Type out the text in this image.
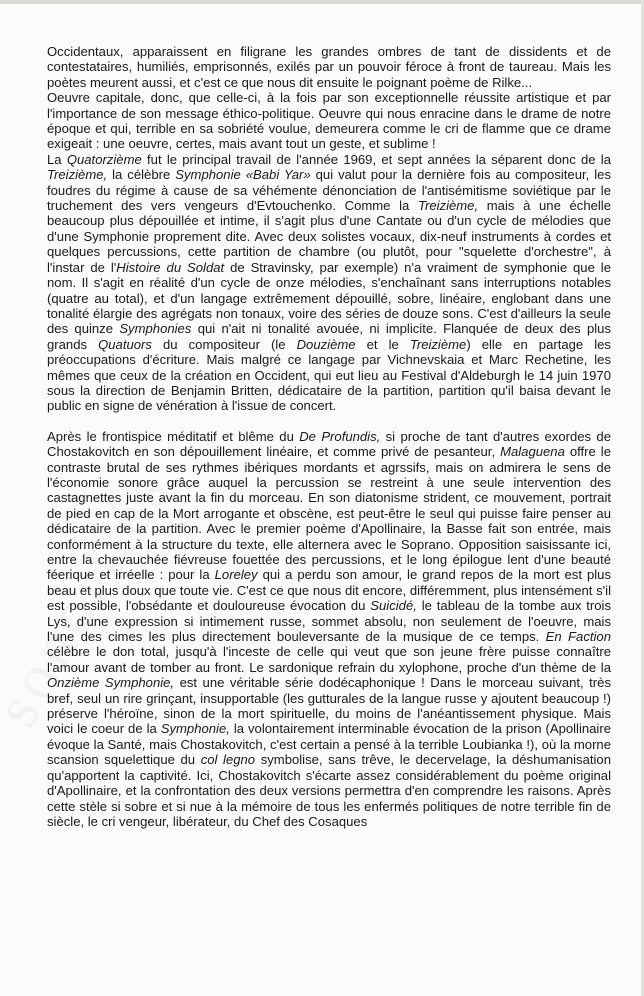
Occidentaux, apparaissent en filigrane les grandes ombres de tant de dissidents et de contestataires, humiliés, emprisonnés, exilés par un pouvoir féroce à front de taureau. Mais les poètes meurent aussi, et c'est ce que nous dit ensuite le poignant poème de Rilke...

Oeuvre capitale, donc, que celle-ci, à la fois par son exceptionnelle réussite artistique et par l'importance de son message éthico-politique. Oeuvre qui nous enracine dans le drame de notre époque et qui, terrible en sa sobriété voulue, demeurera comme le cri de flamme que ce drame exigeait : une oeuvre, certes, mais avant tout un geste, et sublime !

La Quatorzième fut le principal travail de l'année 1969, et sept années la séparent donc de la Treizième, la célèbre Symphonie «Babi Yar» qui valut pour la dernière fois au compositeur, les foudres du régime à cause de sa véhémente dénonciation de l'antisémitisme soviétique par le truchement des vers vengeurs d'Evtouchenko. Comme la Treizième, mais à une échelle beaucoup plus dépouillée et intime, il s'agit plus d'une Cantate ou d'un cycle de mélodies que d'une Symphonie proprement dite. Avec deux solistes vocaux, dix-neuf instruments à cordes et quelques percussions, cette partition de chambre (ou plutôt, pour "squelette d'orchestre", à l'instar de l'Histoire du Soldat de Stravinsky, par exemple) n'a vraiment de symphonie que le nom. Il s'agit en réalité d'un cycle de onze mélodies, s'enchaînant sans interruptions notables (quatre au total), et d'un langage extrêmement dépouillé, sobre, linéaire, englobant dans une tonalité élargie des agrégats non tonaux, voire des séries de douze sons. C'est d'ailleurs la seule des quinze Symphonies qui n'ait ni tonalité avouée, ni implicite. Flanquée de deux des plus grands Quatuors du compositeur (le Douzième et le Treizième) elle en partage les préoccupations d'écriture. Mais malgré ce langage par Vichnevskaia et Marc Rechetine, les mêmes que ceux de la création en Occident, qui eut lieu au Festival d'Aldeburgh le 14 juin 1970 sous la direction de Benjamin Britten, dédicataire de la partition, partition qu'il baisa devant le public en signe de vénération à l'issue de concert.

Après le frontispice méditatif et blême du De Profundis, si proche de tant d'autres exordes de Chostakovitch en son dépouillement linéaire, et comme privé de pesanteur, Malaguena offre le contraste brutal de ses rythmes ibériques mordants et agrssifs, mais on admirera le sens de l'économie sonore grâce auquel la percussion se restreint à une seule intervention des castagnettes juste avant la fin du morceau. En son diatonisme strident, ce mouvement, portrait de pied en cap de la Mort arrogante et obscène, est peut-être le seul qui puisse faire penser au dédicataire de la partition. Avec le premier poème d'Apollinaire, la Basse fait son entrée, mais conformément à la structure du texte, elle alternera avec le Soprano. Opposition saisissante ici, entre la chevauchée fiévreuse fouettée des percussions, et le long épilogue lent d'une beauté féerique et irréelle : pour la Loreley qui a perdu son amour, le grand repos de la mort est plus beau et plus doux que toute vie. C'est ce que nous dit encore, différemment, plus intensément s'il est possible, l'obsédante et douloureuse évocation du Suicidé, le tableau de la tombe aux trois Lys, d'une expression si intimement russe, sommet absolu, non seulement de l'oeuvre, mais l'une des cimes les plus directement bouleversante de la musique de ce temps. En Faction célèbre le don total, jusqu'à l'inceste de celle qui veut que son jeune frère puisse connaître l'amour avant de tomber au front. Le sardonique refrain du xylophone, proche d'un thème de la Onzième Symphonie, est une véritable série dodécaphonique ! Dans le morceau suivant, très bref, seul un rire grinçant, insupportable (les gutturales de la langue russe y ajoutent beaucoup !) préserve l'héroïne, sinon de la mort spirituelle, du moins de l'anéantissement physique. Mais voici le coeur de la Symphonie, la volontairement interminable évocation de la prison (Apollinaire évoque la Santé, mais Chostakovitch, c'est certain a pensé à la terrible Loubianka !), où la morne scansion squelettique du col legno symbolise, sans trêve, le decervelage, la déshumanisation qu'apportent la captivité. Ici, Chostakovitch s'écarte assez considérablement du poème original d'Apollinaire, et la confrontation des deux versions permettra d'en comprendre les raisons. Après cette stèle si sobre et si nue à la mémoire de tous les enfermés politiques de notre terrible fin de siècle, le cri vengeur, libérateur, du Chef des Cosaques
